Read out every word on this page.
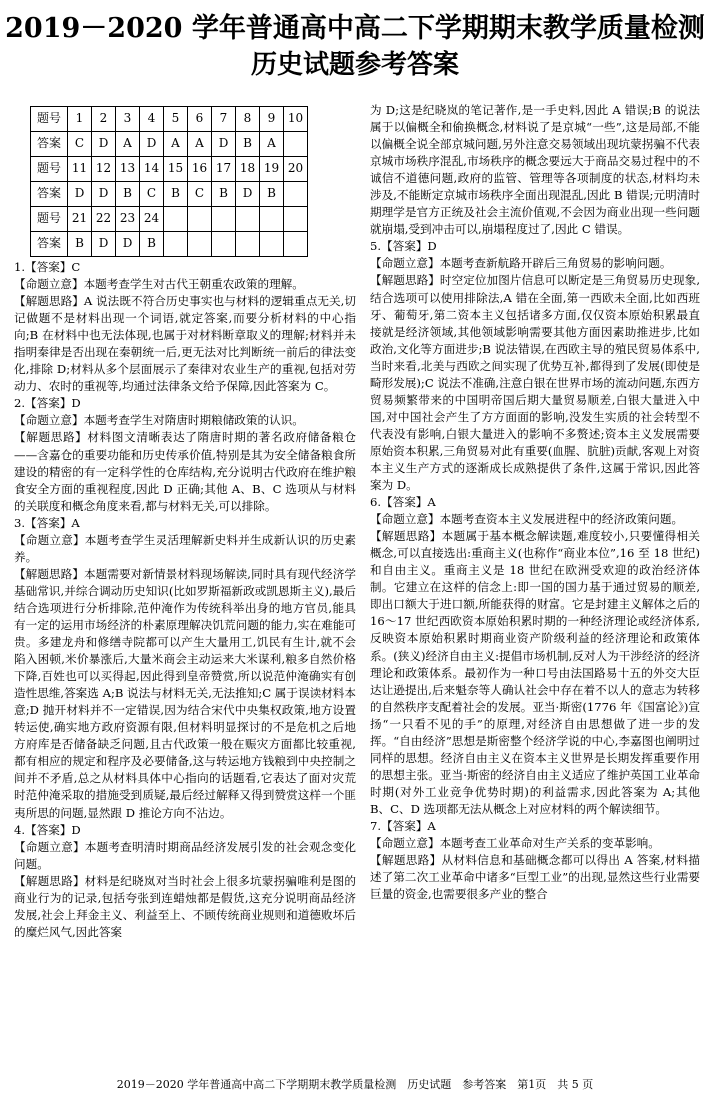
2019－2020 学年普通高中高二下学期期末教学质量检测
历史试题参考答案
题号	1	2	3	4	5	6	7	8	9	10
答案	C	D	A	D	A	A	D	B	A	
题号	11	12	13	14	15	16	17	18	19	20
答案	D	D	B	C	B	C	B	D	B	
题号	21	22	23	24						
答案	B	D	D	B						

1.【答案】C

【命题立意】本题考查学生对古代王朝重农政策的理解。

【解题思路】A 说法既不符合历史事实也与材料的逻辑重点无关,切记做题不是材料出现一个词语,就定答案,而要分析材料的中心指向;B 在材料中也无法体现,也属于对材料断章取义的理解;材料并未指明秦律是否出现在秦朝统一后,更无法对比判断统一前后的律法变化,排除 D;材料从多个层面展示了秦律对农业生产的重视,包括对劳动力、农时的重视等,均通过法律条文给予保障,因此答案为 C。

2.【答案】D

【命题立意】本题考查学生对隋唐时期粮储政策的认识。

【解题思路】材料图文清晰表达了隋唐时期的著名政府储备粮仓——含嘉仓的重要功能和历史传承价值,特别是其为安全储备粮食所建设的精密的有一定科学性的仓库结构,充分说明古代政府在维护粮食安全方面的重视程度,因此 D 正确;其他 A、B、C 选项从与材料的关联度和概念角度来看,都与材料无关,可以排除。

3.【答案】A

【命题立意】本题考查学生灵活理解新史料并生成新认识的历史素养。

【解题思路】本题需要对新情景材料现场解读,同时具有现代经济学基础常识,并综合调动历史知识(比如罗斯福新政或凯恩斯主义),最后结合选项进行分析排除,范仲淹作为传统科举出身的地方官员,能具有一定的运用市场经济的朴素原理解决饥荒问题的能力,实在难能可贵。多建龙舟和修缮寺院都可以产生大量用工,饥民有生计,就不会陷入困顿,米价暴涨后,大量米商会主动运来大米谋利,粮多自然价格下降,百姓也可以买得起,因此得到皇帝赞赏,所以说范仲淹确实有创造性思维,答案选 A;B 说法与材料无关,无法推知;C 属于误读材料本意;D 抛开材料并不一定错误,因为结合宋代中央集权政策,地方设置转运使,确实地方政府资源有限,但材料明显探讨的不是危机之后地方府库是否储备缺乏问题,且古代政策一般在赈灾方面都比较重视,都有相应的规定和程序及必要储备,这与转运地方钱粮到中央控制之间并不矛盾,总之从材料具体中心指向的话题看,它表达了面对灾荒时范仲淹采取的措施受到质疑,最后经过解释又得到赞赏这样一个匪夷所思的问题,显然跟 D 推论方向不沾边。

4.【答案】D

【命题立意】本题考查明清时期商品经济发展引发的社会观念变化问题。

【解题思路】材料是纪晓岚对当时社会上很多坑蒙拐骗唯利是图的商业行为的记录,包括夸张到连蜡烛都是假货,这充分说明商品经济发展,社会上拜金主义、利益至上、不顾传统商业规则和道德败坏后的糜烂风气,因此答案

为 D;这是纪晓岚的笔记著作,是一手史料,因此 A 错误;B 的说法属于以偏概全和偷换概念,材料说了是京城“一些”,这是局部,不能以偏概全说全部京城问题,另外注意交易领域出现坑蒙拐骗不代表京城市场秩序混乱,市场秩序的概念要远大于商品交易过程中的不诚信不道德问题,政府的监管、管理等各项制度的状态,材料均未涉及,不能断定京城市场秩序全面出现混乱,因此 B 错误;元明清时期理学是官方正统及社会主流价值观,不会因为商业出现一些问题就崩塌,受到冲击可以,崩塌程度过了,因此 C 错误。

5.【答案】D

【命题立意】本题考查新航路开辟后三角贸易的影响问题。

【解题思路】时空定位加图片信息可以断定是三角贸易历史现象,结合选项可以使用排除法,A 错在全面,第一西欧未全面,比如西班牙、葡萄牙,第二资本主义包括诸多方面,仅仅资本原始积累最直接就是经济领域,其他领域影响需要其他方面因素助推进步,比如政治,文化等方面进步;B 说法错误,在西欧主导的殖民贸易体系中,当时来看,北美与西欧之间实现了优势互补,都得到了发展(即使是畸形发展);C 说法不准确,注意白银在世界市场的流动问题,东西方贸易频繁带来的中国明帝国后期大量贸易顺差,白银大量进入中国,对中国社会产生了方方面面的影响,没发生实质的社会转型不代表没有影响,白银大量进入的影响不多赘述;资本主义发展需要原始资本积累,三角贸易对此有重要(血腥、肮脏)贡献,客观上对资本主义生产方式的逐渐成长成熟提供了条件,这属于常识,因此答案为 D。

6.【答案】A

【命题立意】本题考查资本主义发展进程中的经济政策问题。

【解题思路】本题属于基本概念解读题,难度较小,只要懂得相关概念,可以直接选出:重商主义(也称作“商业本位”,16 至 18 世纪)和自由主义。重商主义是 18 世纪在欧洲受欢迎的政治经济体制。它建立在这样的信念上:即一国的国力基于通过贸易的顺差,即出口额大于进口额,所能获得的财富。它是封建主义解体之后的 16～17 世纪西欧资本原始积累时期的一种经济理论或经济体系,反映资本原始积累时期商业资产阶级利益的经济理论和政策体系。(狭义)经济自由主义:提倡市场机制,反对人为干涉经济的经济理论和政策体系。最初作为一种口号由法国路易十五的外交大臣达让逊提出,后来魁奈等人确认社会中存在着不以人的意志为转移的自然秩序支配着社会的发展。亚当·斯密(1776 年《国富论》)宣扬“一只看不见的手”的原理,对经济自由思想做了进一步的发挥。“自由经济”思想是斯密整个经济学说的中心,李嘉图也阐明过同样的思想。经济自由主义在资本主义世界是长期发挥重要作用的思想主张。亚当·斯密的经济自由主义适应了维护英国工业革命时期(对外工业竞争优势时期)的利益需求,因此答案为 A;其他 B、C、D 选项都无法从概念上对应材料的两个解读细节。

7.【答案】A

【命题立意】本题考查工业革命对生产关系的变革影响。

【解题思路】从材料信息和基础概念都可以得出 A 答案,材料描述了第二次工业革命中诸多“巨型工业”的出现,显然这些行业需要巨量的资金,也需要很多产业的整合

2019－2020 学年普通高中高二下学期期末教学质量检测　历史试题　参考答案　第1页　共 5 页
